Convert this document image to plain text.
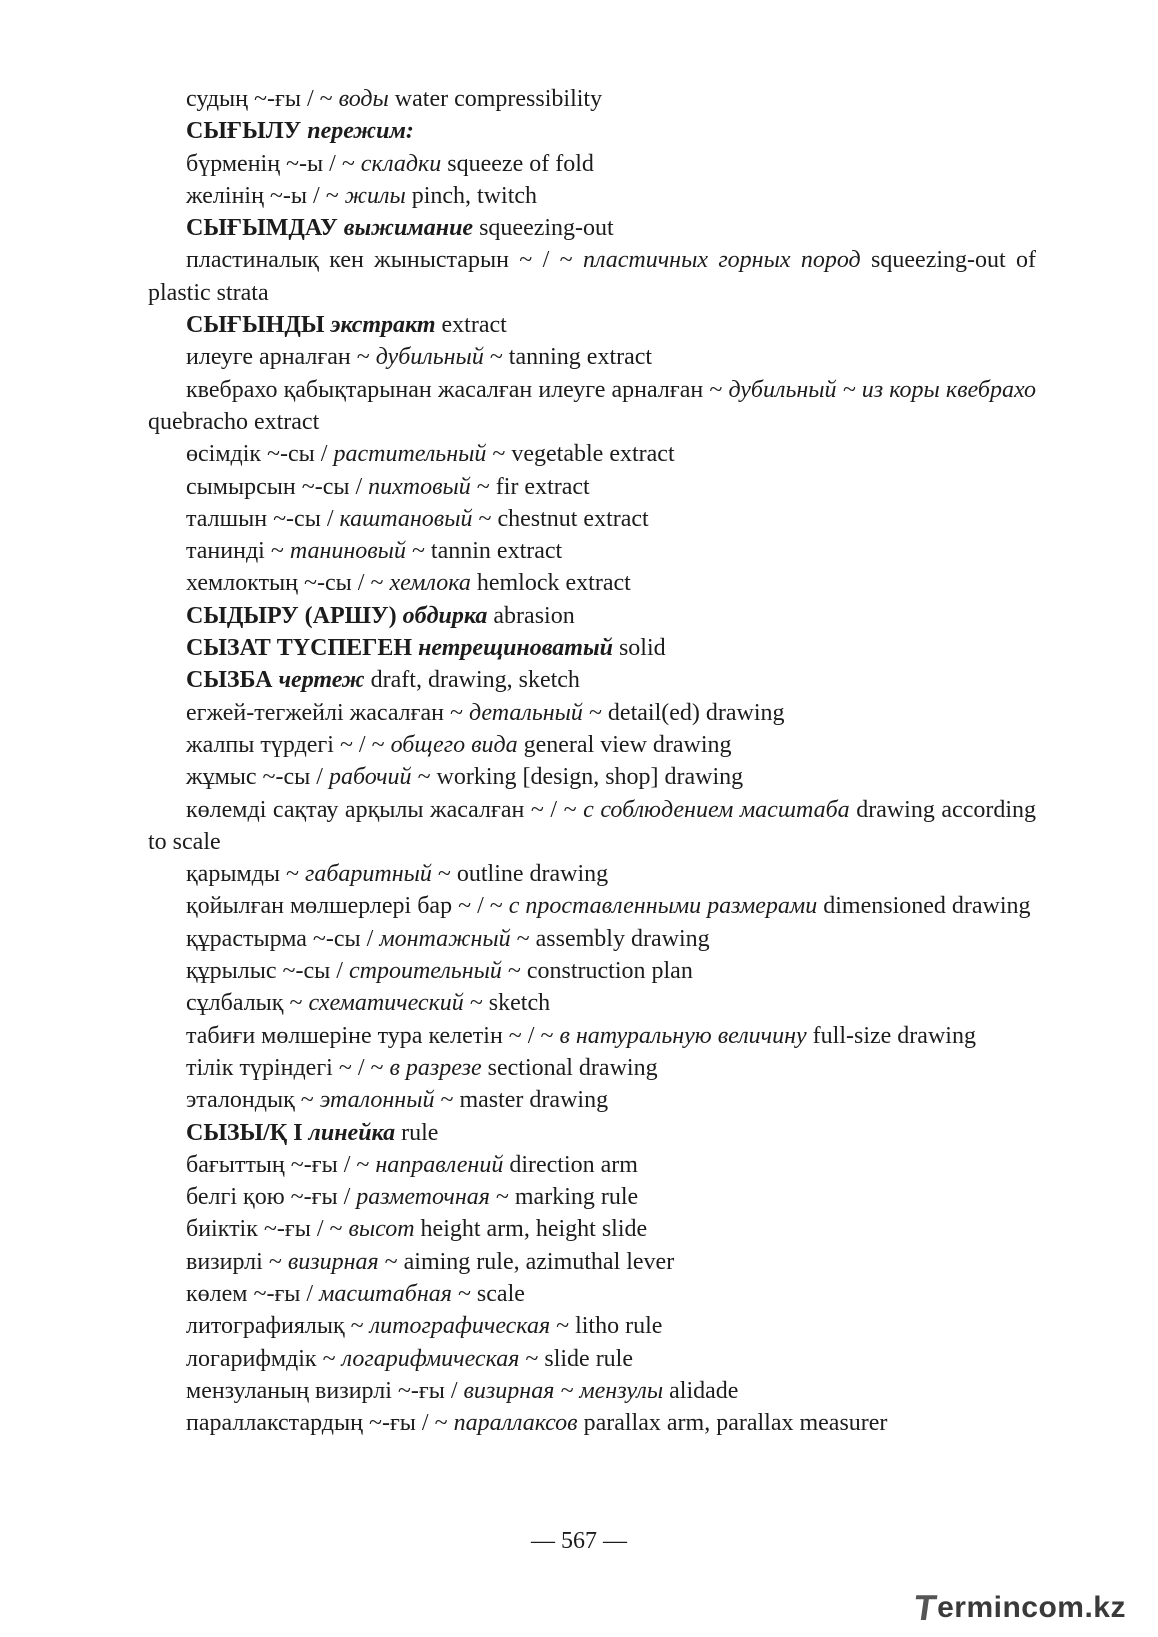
судың ~-ғы / ~ воды water compressibility
СЫҒЫЛУ пережим:
бүрменің ~-ы / ~ складки squeeze of fold
желінің ~-ы / ~ жилы pinch, twitch
СЫҒЫМДАУ выжимание squeezing-out
пластиналық кен жыныстарын ~ / ~ пластичных горных пород squeezing-out of plastic strata
СЫҒЫНДЫ экстракт extract
илеуге арналған ~ дубильный ~ tanning extract
квебрахо қабықтарынан жасалған илеуге арналған ~ дубильный ~ из коры квебрахо quebracho extract
өсімдік ~-сы / растительный ~ vegetable extract
сымырсын ~-сы / пихтовый ~ fir extract
талшын ~-сы / каштановый ~ chestnut extract
танинді ~ таниновый ~ tannin extract
хемлоктың ~-сы / ~ хемлока hemlock extract
СЫДЫРУ (АРШУ) обдирка abrasion
СЫЗАТ ТҮСПЕГЕН нетрещиноватый solid
СЫЗБА чертеж draft, drawing, sketch
егжей-тегжейлі жасалған ~ детальный ~ detail(ed) drawing
жалпы түрдегі ~ / ~ общего вида general view drawing
жұмыс ~-сы / рабочий ~ working [design, shop] drawing
көлемді сақтау арқылы жасалған ~ / ~ с соблюдением масштаба drawing according to scale
қарымды ~ габаритный ~ outline drawing
қойылған мөлшерлері бар ~ / ~ с проставленными размерами dimensioned drawing
құрастырма ~-сы / монтажный ~ assembly drawing
құрылыс ~-сы / строительный ~ construction plan
сұлбалық ~ схематический ~ sketch
табиғи мөлшеріне тура келетін ~ / ~ в натуральную величину full-size drawing
тілік түріндегі ~ / ~ в разрезе sectional drawing
эталондық ~ эталонный ~ master drawing
СЫЗЫ/Қ I линейка rule
бағыттың ~-ғы / ~ направлений direction arm
белгі қою ~-ғы / разметочная ~ marking rule
биіктік ~-ғы / ~ высот height arm, height slide
визирлі ~ визирная ~ aiming rule, azimuthal lever
көлем ~-ғы / масштабная ~ scale
литографиялық ~ литографическая ~ litho rule
логарифмдік ~ логарифмическая ~ slide rule
мензуланың визирлі ~-ғы / визирная ~ мензулы alidade
параллакстардың ~-ғы / ~ параллаксов parallax arm, parallax measurer
— 567 —
T
ermincom.kz
